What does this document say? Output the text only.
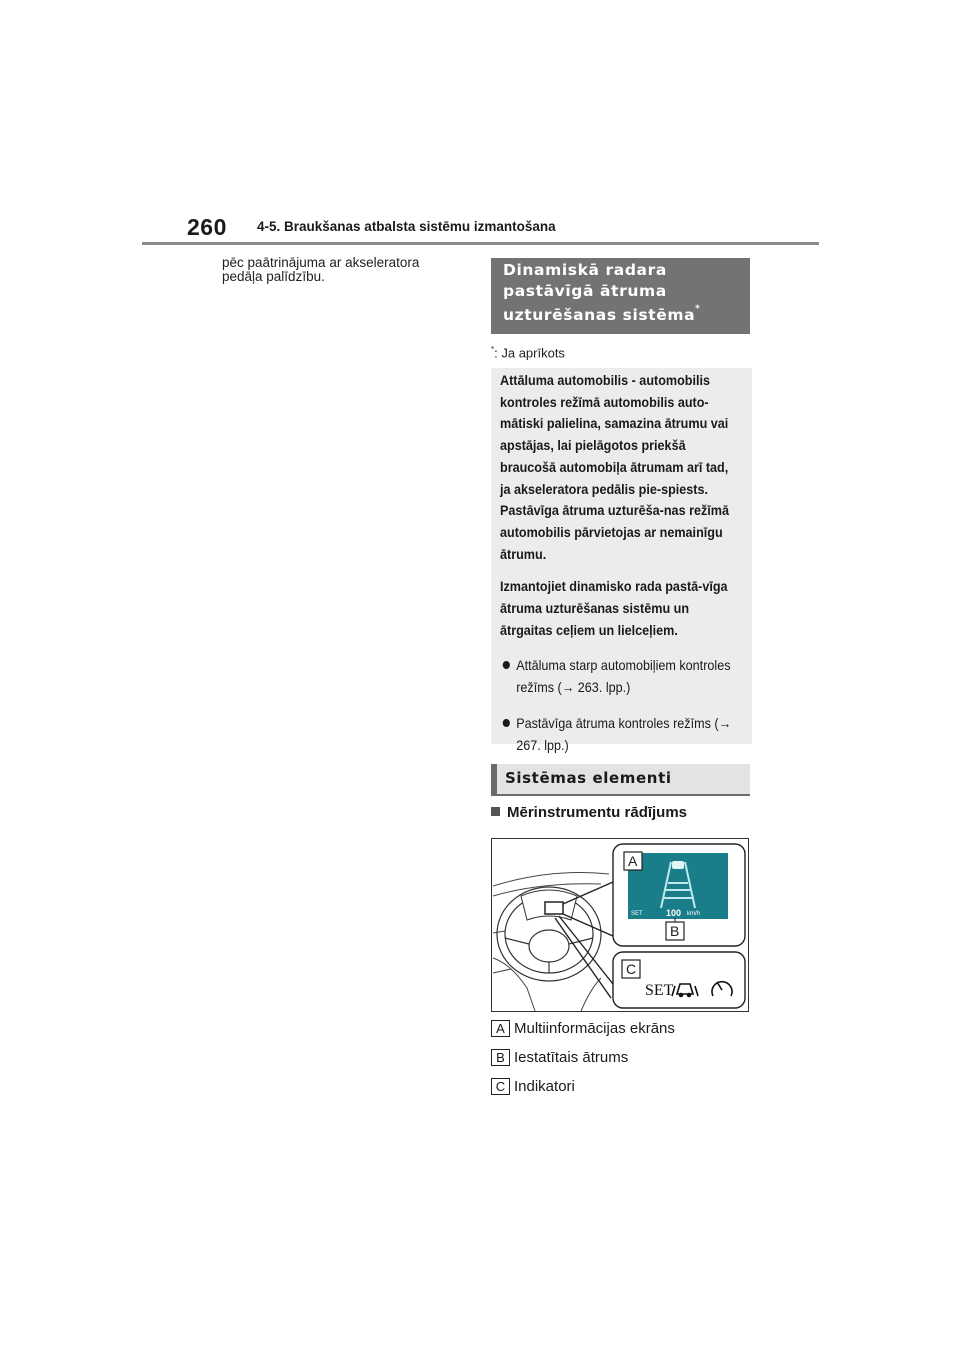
260 4-5. Braukšanas atbalsta sistēmu izmantošana
pēc paātrinājuma ar akseleratora pedāļa palīdzību.	Dinamiskā radara
pastāvīgā ātruma
uzturēšanas sistēma*
*: Ja aprīkots

Attāluma automobilis - automobilis kontroles režīmā automobilis auto-mātiski palielina, samazina ātrumu vai apstājas, lai pielāgotos priekšā braucošā automobiļa ātrumam arī tad, ja akseleratora pedālis pie-spiests. Pastāvīga ātruma uzturēša-nas režīmā automobilis pārvietojas ar nemainīgu ātrumu.

Izmantojiet dinamisko rada pastā-vīga ātruma uzturēšanas sistēmu un ātrgaitas ceļiem un lielceļiem.

Attāluma starp automobiļiem kontroles režīms (→ 263. lpp.)
Pastāvīga ātruma kontroles režīms (→ 267. lpp.)
Sistēmas elementi
Mērinstrumentu rādījums
SET	100 km/h
A
B
C
SET
A Multiinformācijas ekrāns
B Iestatītais ātrums
C Indikatori
